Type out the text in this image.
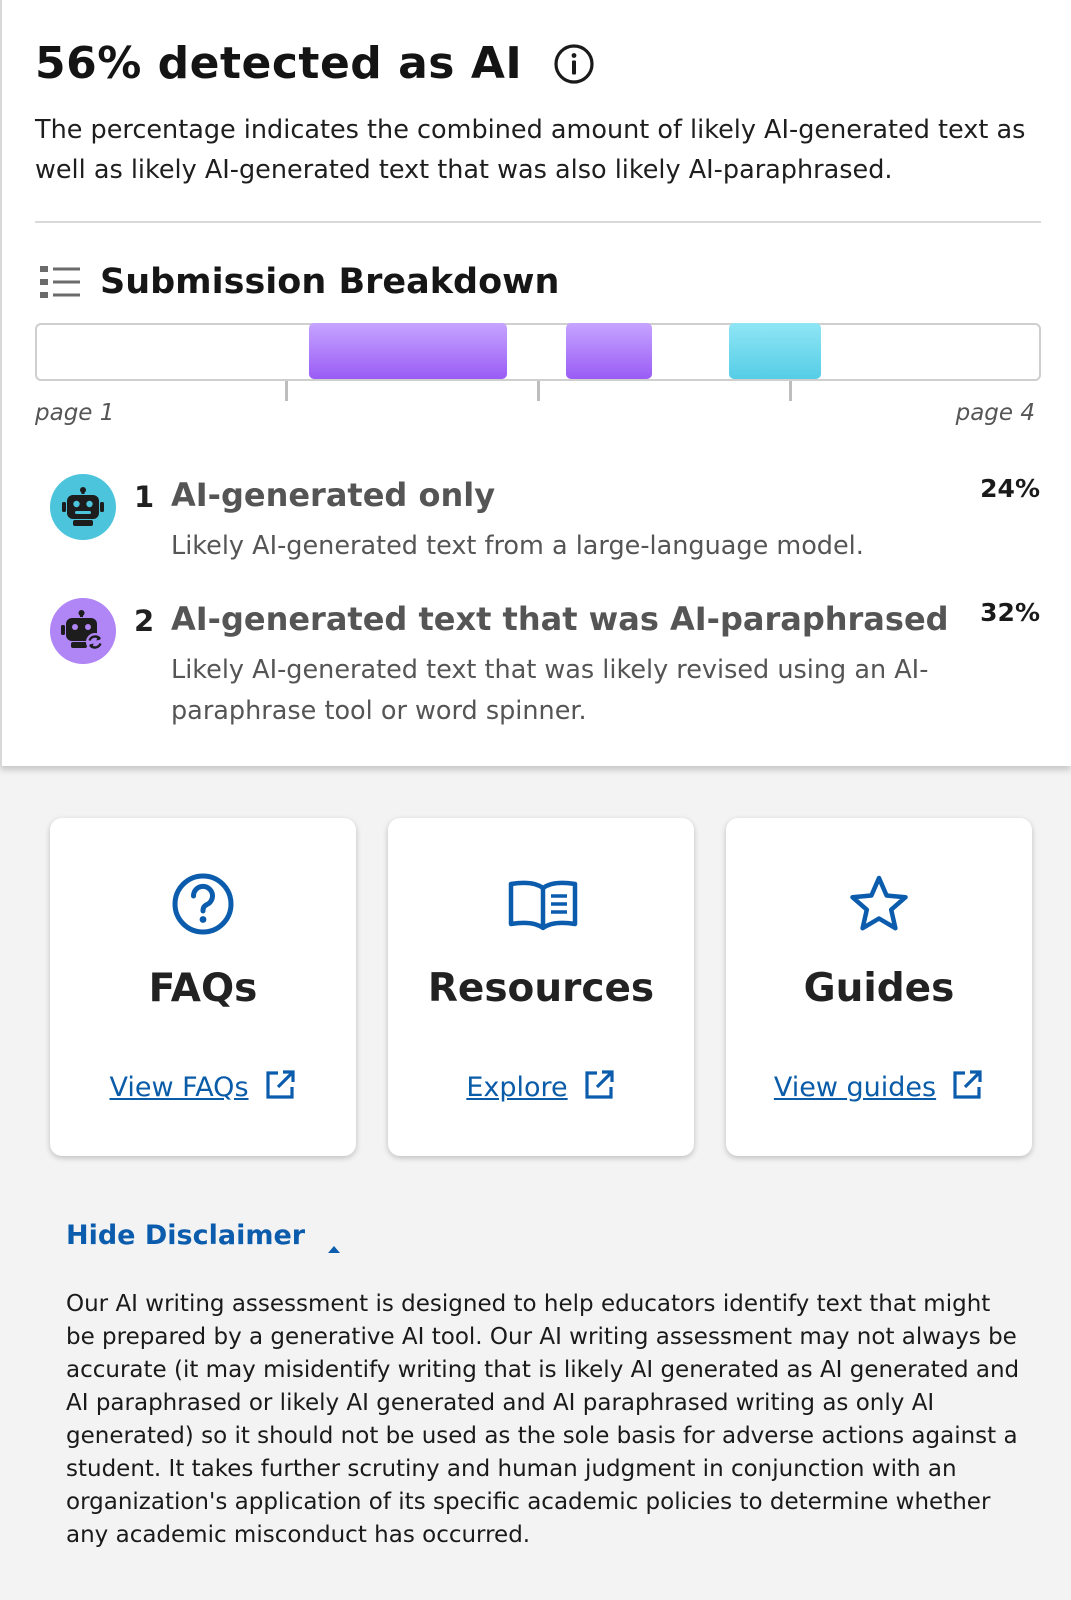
56% detected as AI

The percentage indicates the combined amount of likely AI-generated text as well as likely AI-generated text that was also likely AI-paraphrased.

Submission Breakdown
page 1	page 4
1 AI-generated only

Likely AI-generated text from a large-language model.

24%
2 AI-generated text that was AI-paraphrased

Likely AI-generated text that was likely revised using an AI-paraphrase tool or word spinner.

32%
FAQs
View FAQs
Resources
Explore
Guides
View guides
Hide Disclaimer

Our AI writing assessment is designed to help educators identify text that might be prepared by a generative AI tool. Our AI writing assessment may not always be accurate (it may misidentify writing that is likely AI generated as AI generated and AI paraphrased or likely AI generated and AI paraphrased writing as only AI generated) so it should not be used as the sole basis for adverse actions against a student. It takes further scrutiny and human judgment in conjunction with an organization's application of its specific academic policies to determine whether any academic misconduct has occurred.
